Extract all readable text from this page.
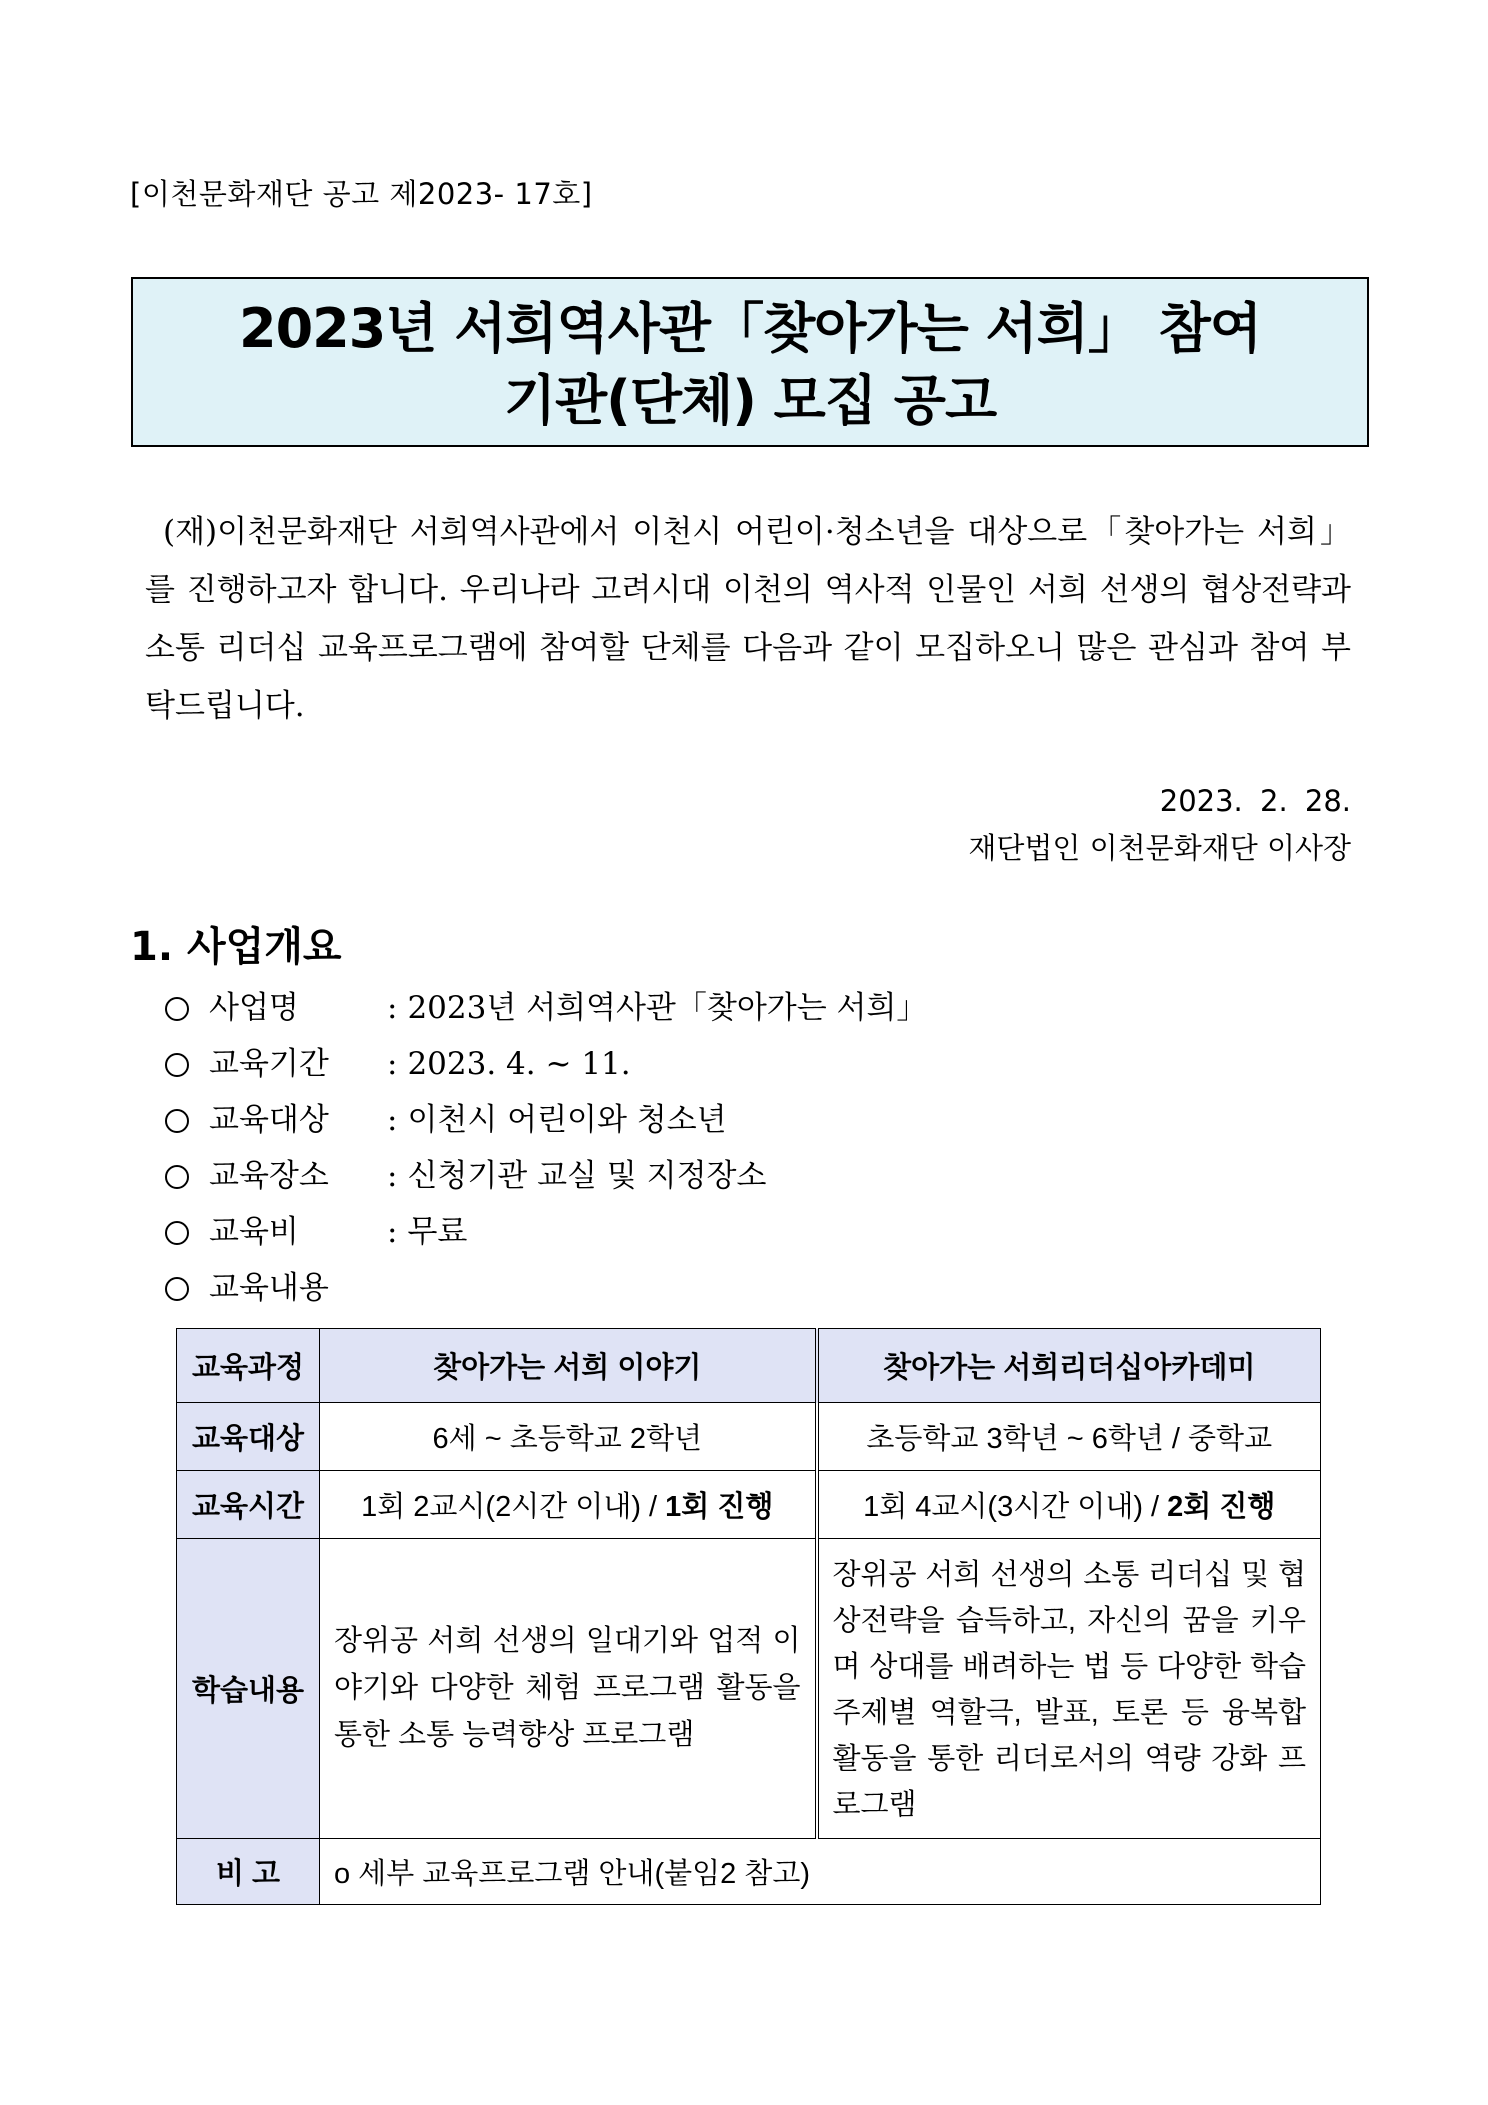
[이천문화재단 공고 제2023- 17호]
2023년 서희역사관「찾아가는 서희」 참여
기관(단체) 모집 공고
(재)이천문화재단 서희역사관에서 이천시 어린이·청소년을 대상으로「찾아가는 서희」를 진행하고자 합니다. 우리나라 고려시대 이천의 역사적 인물인 서희 선생의 협상전략과 소통 리더십 교육프로그램에 참여할 단체를 다음과 같이 모집하오니 많은 관심과 참여 부탁드립니다.
2023. 2. 28.
재단법인 이천문화재단 이사장
1. 사업개요
사업명	: 2023년 서희역사관「찾아가는 서희」
교육기간 : 2023. 4. ~ 11.
교육대상 : 이천시 어린이와 청소년
교육장소 : 신청기관 교실 및 지정장소
교육비	: 무료
교육내용
교육과정	찾아가는 서희 이야기	찾아가는 서희리더십아카데미
교육대상	6세 ~ 초등학교 2학년	초등학교 3학년 ~ 6학년 / 중학교
교육시간	1회 2교시(2시간 이내) / 1회 진행	1회 4교시(3시간 이내) / 2회 진행
학습내용	장위공 서희 선생의 일대기와 업적 이야기와 다양한 체험 프로그램 활동을 통한 소통 능력향상 프로그램	장위공 서희 선생의 소통 리더십 및 협상전략을 습득하고, 자신의 꿈을 키우며 상대를 배려하는 법 등 다양한 학습 주제별 역할극, 발표, 토론 등 융복합 활동을 통한 리더로서의 역량 강화 프로그램
비 고	o 세부 교육프로그램 안내(붙임2 참고)	
